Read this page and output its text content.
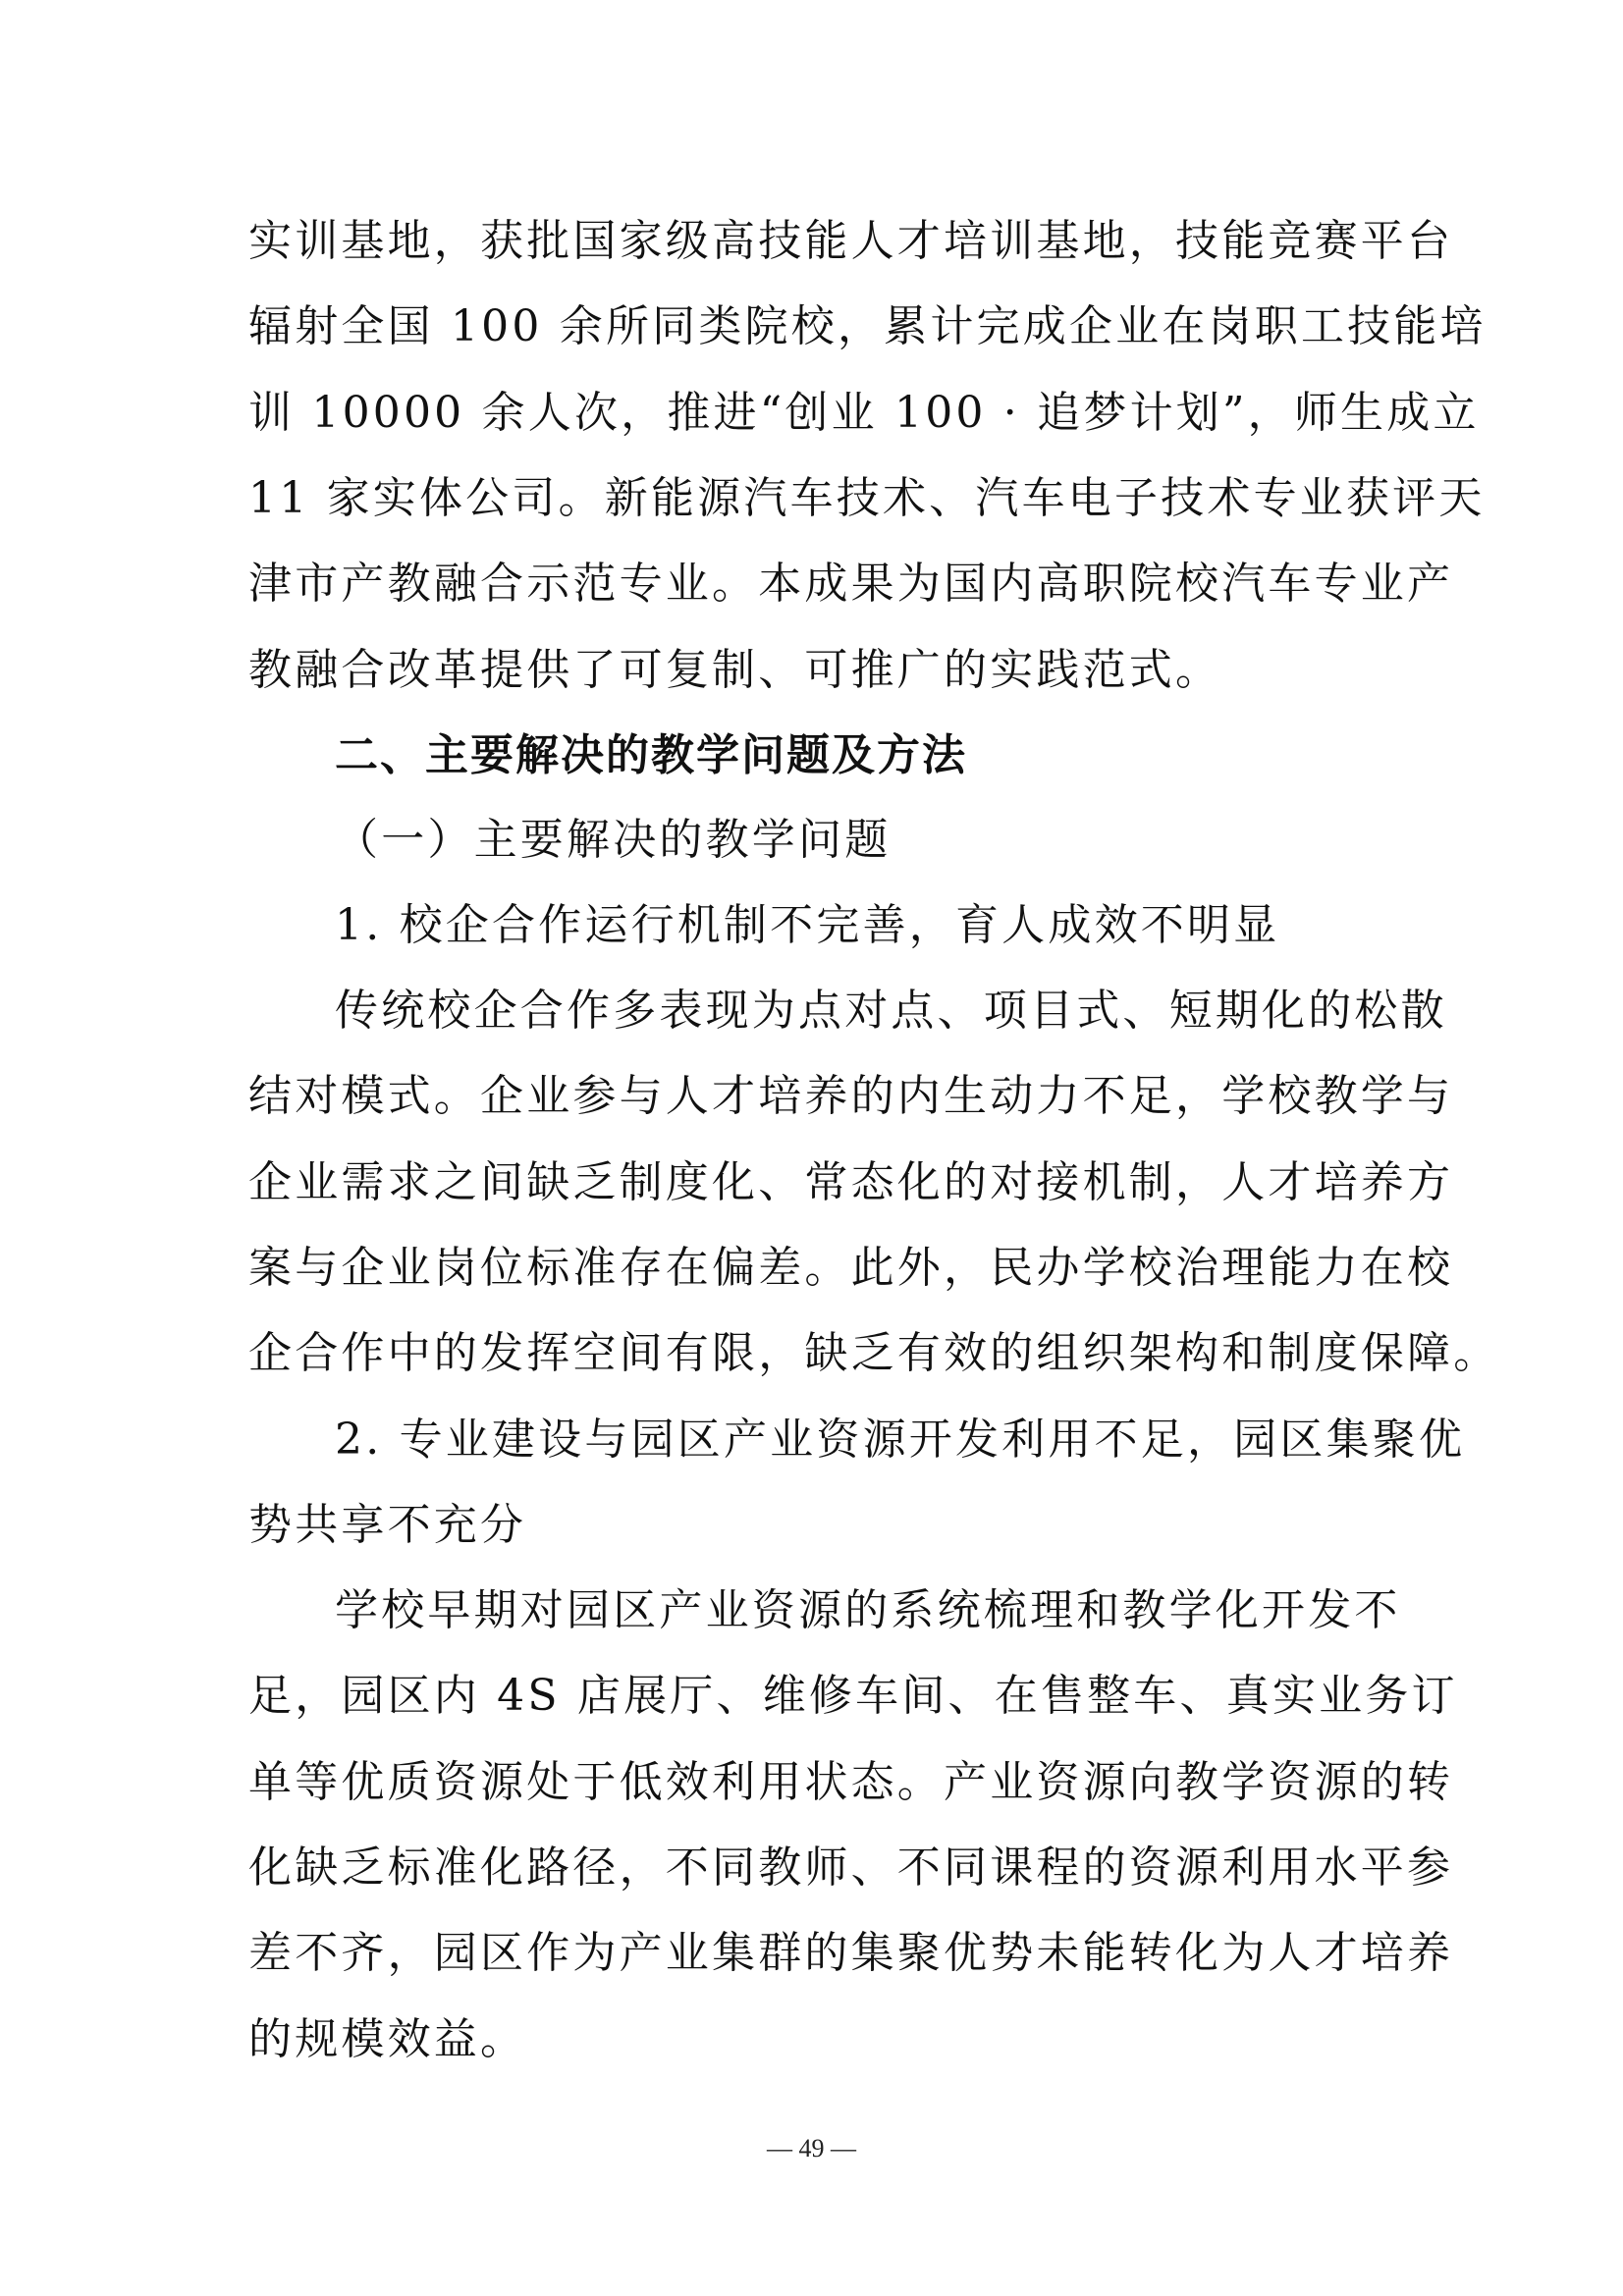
实训基地，获批国家级高技能人才培训基地，技能竞赛平台
辐射全国 100 余所同类院校，累计完成企业在岗职工技能培
训 10000 余人次，推进“创业 100 · 追梦计划”，师生成立
11 家实体公司。新能源汽车技术、汽车电子技术专业获评天
津市产教融合示范专业。本成果为国内高职院校汽车专业产
教融合改革提供了可复制、可推广的实践范式。
二、主要解决的教学问题及方法
（一）主要解决的教学问题
1. 校企合作运行机制不完善，育人成效不明显
传统校企合作多表现为点对点、项目式、短期化的松散
结对模式。企业参与人才培养的内生动力不足，学校教学与
企业需求之间缺乏制度化、常态化的对接机制，人才培养方
案与企业岗位标准存在偏差。此外，民办学校治理能力在校
企合作中的发挥空间有限，缺乏有效的组织架构和制度保障。
2. 专业建设与园区产业资源开发利用不足，园区集聚优
势共享不充分
学校早期对园区产业资源的系统梳理和教学化开发不
足，园区内 4S 店展厅、维修车间、在售整车、真实业务订
单等优质资源处于低效利用状态。产业资源向教学资源的转
化缺乏标准化路径，不同教师、不同课程的资源利用水平参
差不齐，园区作为产业集群的集聚优势未能转化为人才培养
的规模效益。
— 49 —
